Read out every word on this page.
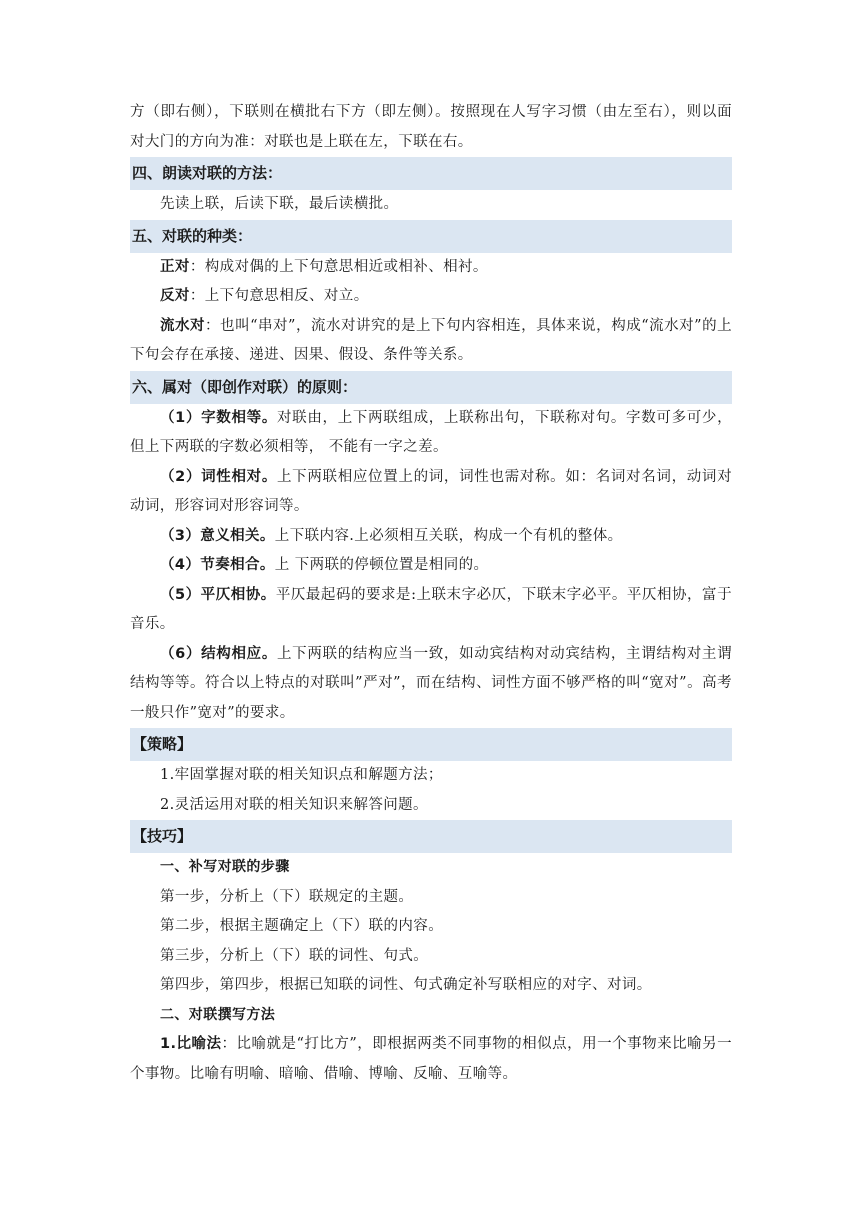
方（即右侧），下联则在横批右下方（即左侧）。按照现在人写字习惯（由左至右），则以面对大门的方向为准：对联也是上联在左，下联在右。

四、朗读对联的方法：

先读上联，后读下联，最后读横批。

五、对联的种类：

正对：构成对偶的上下句意思相近或相补、相衬。

反对：上下句意思相反、对立。

流水对：也叫“串对”，流水对讲究的是上下句内容相连，具体来说，构成“流水对”的上下句会存在承接、递进、因果、假设、条件等关系。

六、属对（即创作对联）的原则：

（1）字数相等。对联由，上下两联组成，上联称出句，下联称对句。字数可多可少，但上下两联的字数必须相等， 不能有一字之差。

（2）词性相对。上下两联相应位置上的词，词性也需对称。如：名词对名词，动词对动词，形容词对形容词等。

（3）意义相关。上下联内容.上必须相互关联，构成一个有机的整体。

（4）节奏相合。上 下两联的停顿位置是相同的。

（5）平仄相协。平仄最起码的要求是:上联末字必仄，下联末字必平。平仄相协，富于音乐。

（6）结构相应。上下两联的结构应当一致，如动宾结构对动宾结构，主谓结构对主谓结构等等。符合以上特点的对联叫”严对”，而在结构、词性方面不够严格的叫“宽对”。高考一般只作”宽对”的要求。

【策略】

1.牢固掌握对联的相关知识点和解题方法；

2.灵活运用对联的相关知识来解答问题。

【技巧】

一、补写对联的步骤

第一步，分析上（下）联规定的主题。

第二步，根据主题确定上（下）联的内容。

第三步，分析上（下）联的词性、句式。

第四步，第四步，根据已知联的词性、句式确定补写联相应的对字、对词。

二、对联撰写方法

1.比喻法：比喻就是“打比方”，即根据两类不同事物的相似点，用一个事物来比喻另一个事物。比喻有明喻、暗喻、借喻、博喻、反喻、互喻等。
